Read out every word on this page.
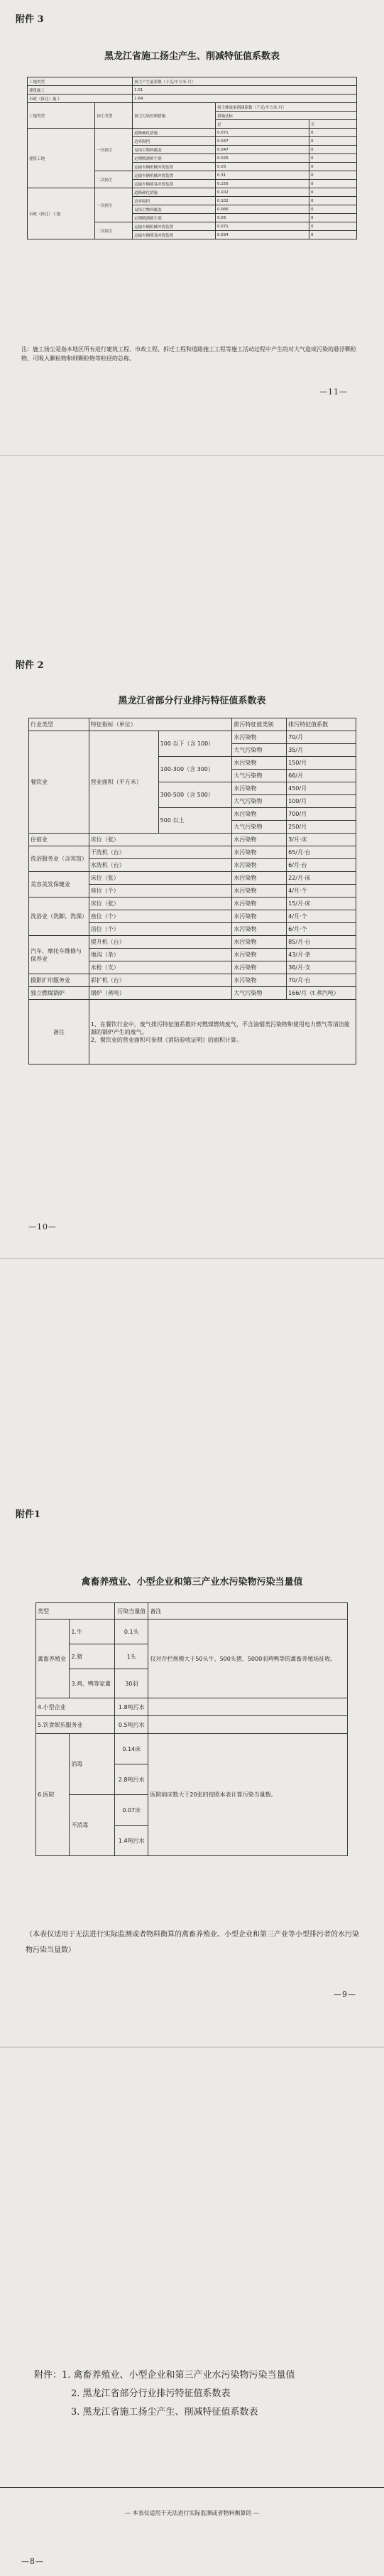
附件 3
黑龙江省施工扬尘产生、削减特征值系数表
工地类型		扬尘产生量系数（千克/平方米·月）		
建筑施工		1.01		
市政（拆迁）施工		1.64		
工地类型	扬尘类型	扬尘污染控制措施	扬尘排放量削减系数（千克/平方米·月）	
			措施达标	
			是	否
建筑工地	一次扬尘	道路硬化措施	0.071	0
		边界围挡	0.047	0
		易扬尘物料覆盖	0.047	0
		定期喷洒抑尘剂	0.025	0
		运输车辆机械冲洗装置	0.03	0
	二次扬尘	运输车辆机械冲洗装置	0.31	0
		运输车辆简易冲洗装置	0.155	0
市政（拆迁）工地	一次扬尘	道路硬化措施	0.102	0
		边界围挡	0.102	0
		易扬尘物料覆盖	0.066	0
		定期喷洒抑尘剂	0.03	0
	二次扬尘	运输车辆机械冲洗装置	0.071	0
		运输车辆简易冲洗装置	0.034	0
注：施工扬尘是指本地区所有进行建筑工程、市政工程、拆迁工程和道路施工工程等施工活动过程中产生的对大气造成污染的悬浮颗粒物、可吸入颗粒物和细颗粒物等粒径的总称。
—11—
附件 2
黑龙江省部分行业排污特征值系数表
行业类型	特征指标（单位）		排污特征值类别	排污特征值系数
餐饮业	营业面积（平方米）	100 以下（含 100）	水污染物	70/月
			大气污染物	35/月
		100-300（含 300）	水污染物	150/月
			大气污染物	66/月
		300-500（含 500）	水污染物	450/月
			大气污染物	100/月
		500 以上	水污染物	700/月
			大气污染物	250/月
住宿业	床位（张）		水污染物	3/月·床
洗浴服务业（含宾馆）	干洗机（台）		水污染物	65/月·台
	水洗机（台）		水污染物	6/月·台
美容美发保健业	床位（张）		水污染物	22/月·床
	座位（个）		水污染物	4/月·个
洗浴业（洗脚、洗澡）	床位（张）		水污染物	15/月·床
	座位（个）		水污染物	4/月·个
	浴位（个）		水污染物	6/月·个
汽车、摩托车维修与保养业	提升机（台）		水污染物	85/月·台
	地沟（条）		水污染物	43/月·条
	水枪（支）		水污染物	36/月·支
摄影扩印服务业	彩扩机（台）		水污染物	70/月·台
独立燃煤锅炉	锅炉（蒸吨）		大气污染物	166/月（t 蒸汽吨）
备注	1、在餐饮行业中，废气排污特征值系数针对燃煤燃烧废气，不含油烟类污染物和使用电力燃气等清洁能源的锅炉产生的废气。
2、餐饮业的营业面积可参照《消防验收证明》的面积计算。			
—10—
附件1
禽畜养殖业、小型企业和第三产业水污染物污染当量值
类型		污染当量值	备注
禽畜养殖业	1.牛	0.1头	仅对存栏规模大于50头牛、500头猪、5000羽鸡鸭等的禽畜养殖场征收。
	2.猪	1头	
	3.鸡、鸭等家禽	30羽	
4.小型企业		1.8吨污水	
5.饮食娱乐服务业		0.5吨污水	
6.医院	消毒	0.14床	医院病床数大于20张的按照本表计算污染当量数。
		2.8吨污水	
	不消毒	0.07床	
		1.4吨污水	
（本表仅适用于无法进行实际监测或者物料衡算的禽畜养殖业、小型企业和第三产业等小型排污者的水污染物污染当量数）
—9—
附件：1. 禽畜养殖业、小型企业和第三产业水污染物污染当量值
2. 黑龙江省部分行业排污特征值系数表
3. 黑龙江省施工扬尘产生、削减特征值系数表
— 本表仅适用于无法进行实际监测或者物料衡算的 —
—8—
